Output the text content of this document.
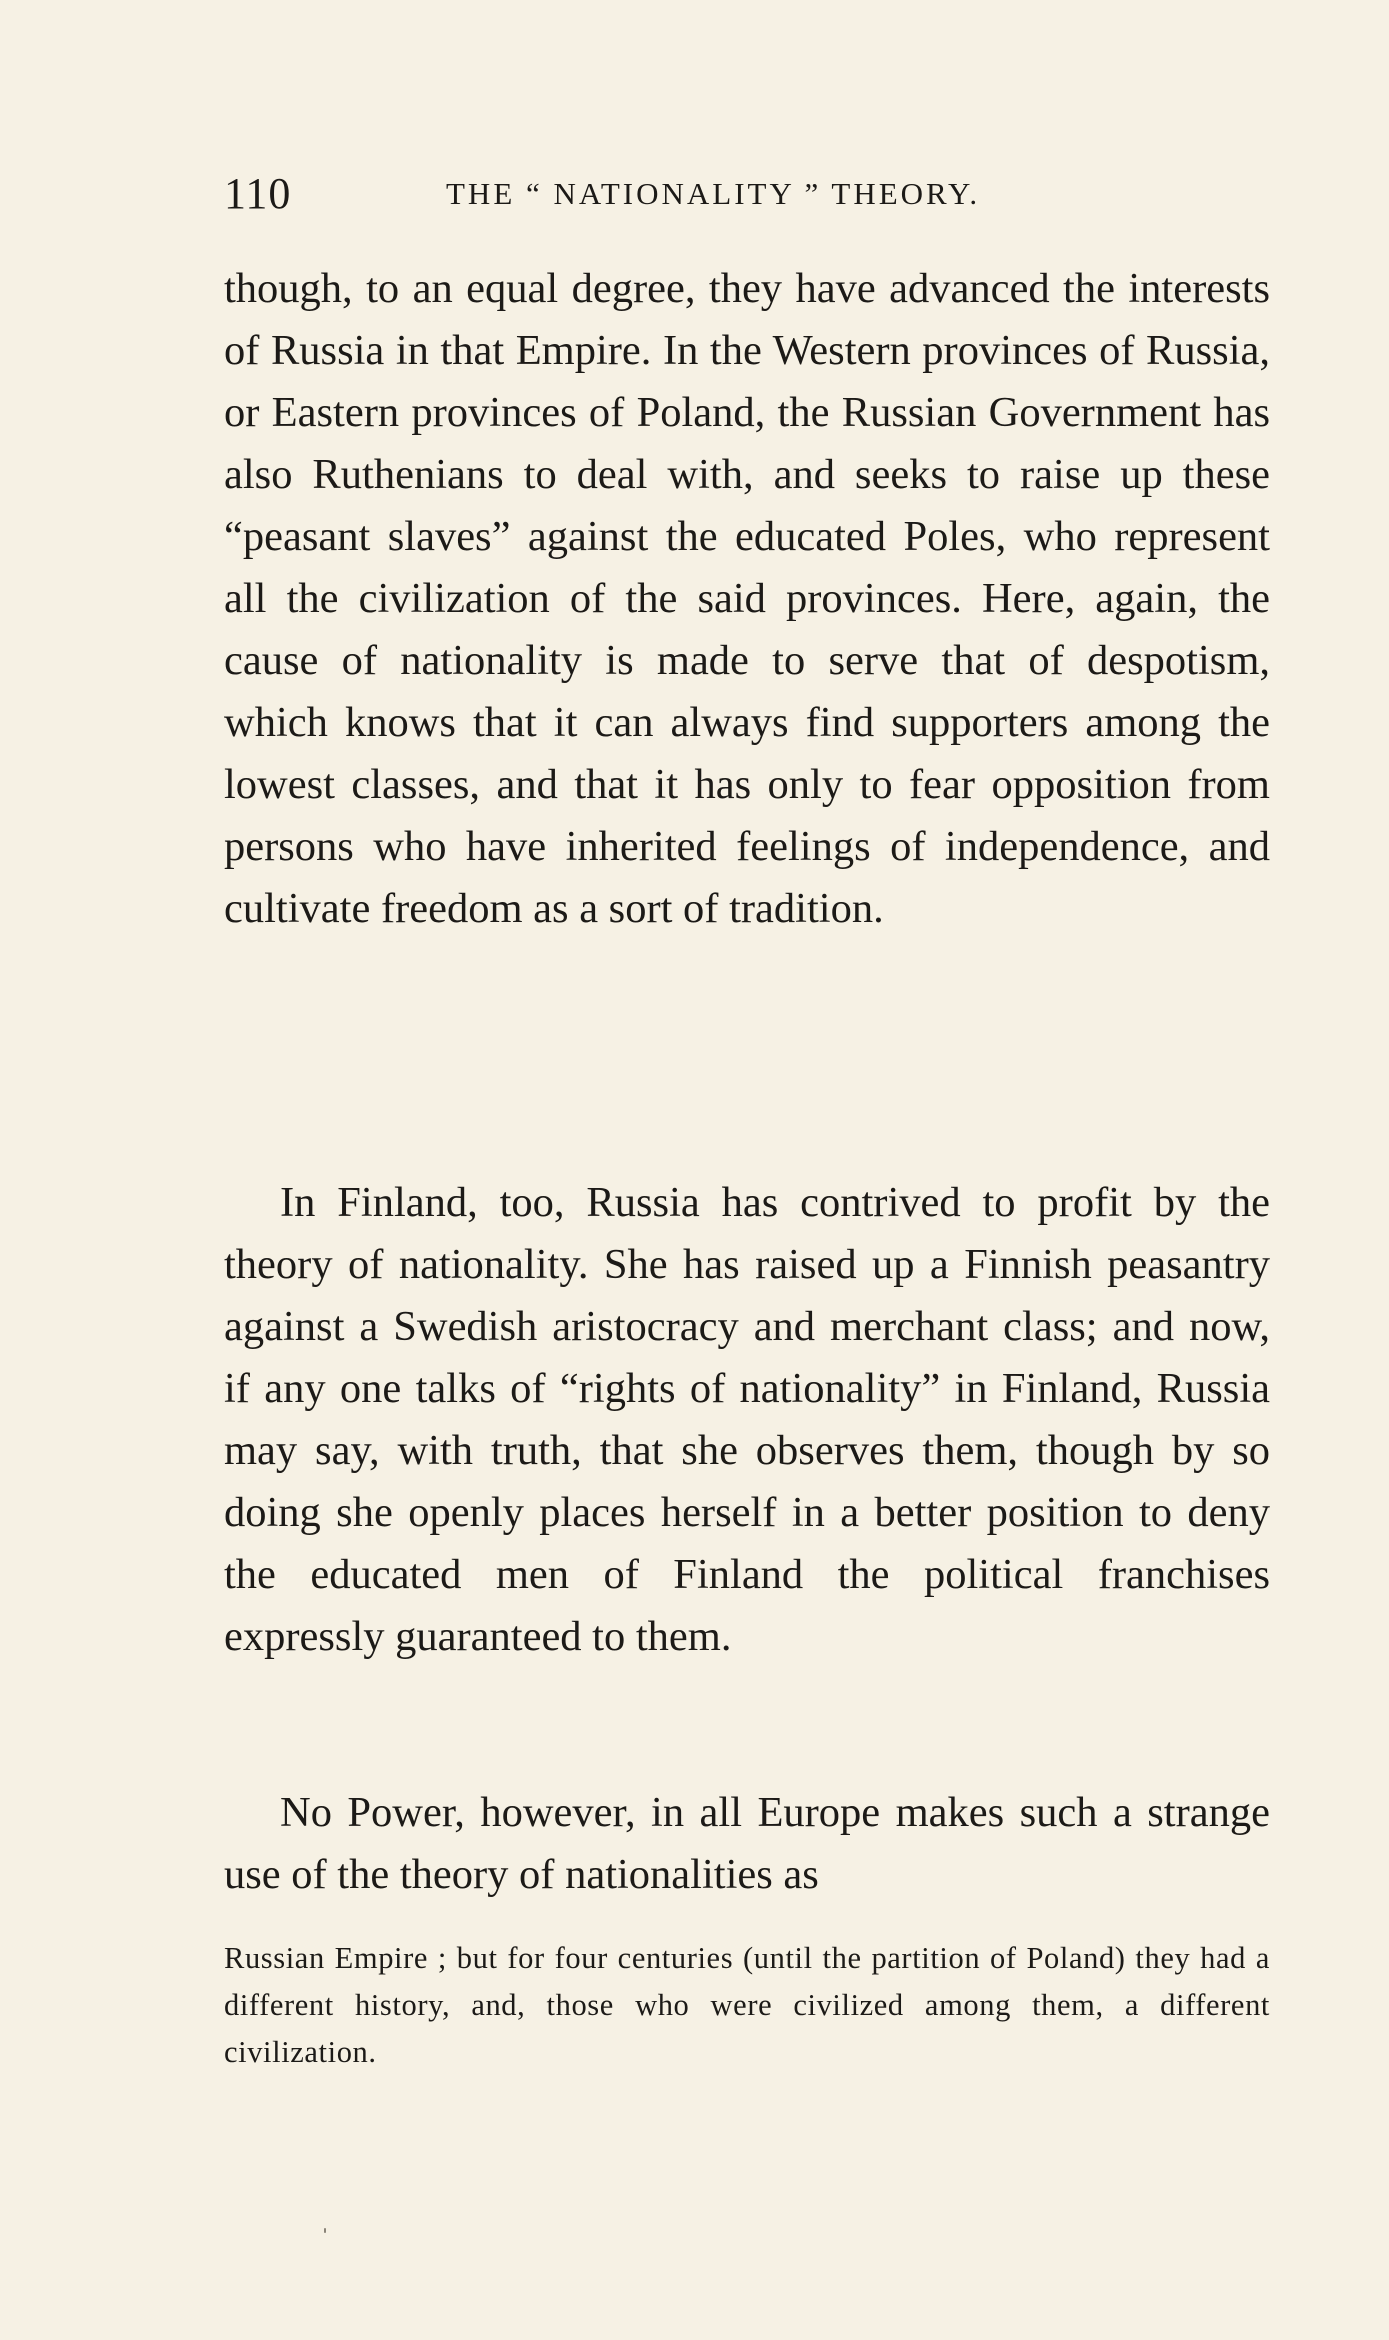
110	THE “ NATIONALITY ” THEORY.

though, to an equal degree, they have advanced the interests of Russia in that Empire. In the Western provinces of Russia, or Eastern provinces of Poland, the Russian Government has also Ruthenians to deal with, and seeks to raise up these “peasant slaves” against the educated Poles, who represent all the civilization of the said provinces. Here, again, the cause of nationality is made to serve that of despotism, which knows that it can always find supporters among the lowest classes, and that it has only to fear opposition from persons who have inherited feelings of independence, and cultivate freedom as a sort of tradition.

In Finland, too, Russia has contrived to profit by the theory of nationality. She has raised up a Finnish peasantry against a Swedish aristocracy and merchant class; and now, if any one talks of “rights of nationality” in Finland, Russia may say, with truth, that she observes them, though by so doing she openly places herself in a better position to deny the educated men of Finland the political franchises expressly guaranteed to them.

No Power, however, in all Europe makes such a strange use of the theory of nationalities as

Russian Empire ; but for four centuries (until the partition of Poland) they had a different history, and, those who were civilized among them, a different civilization.
